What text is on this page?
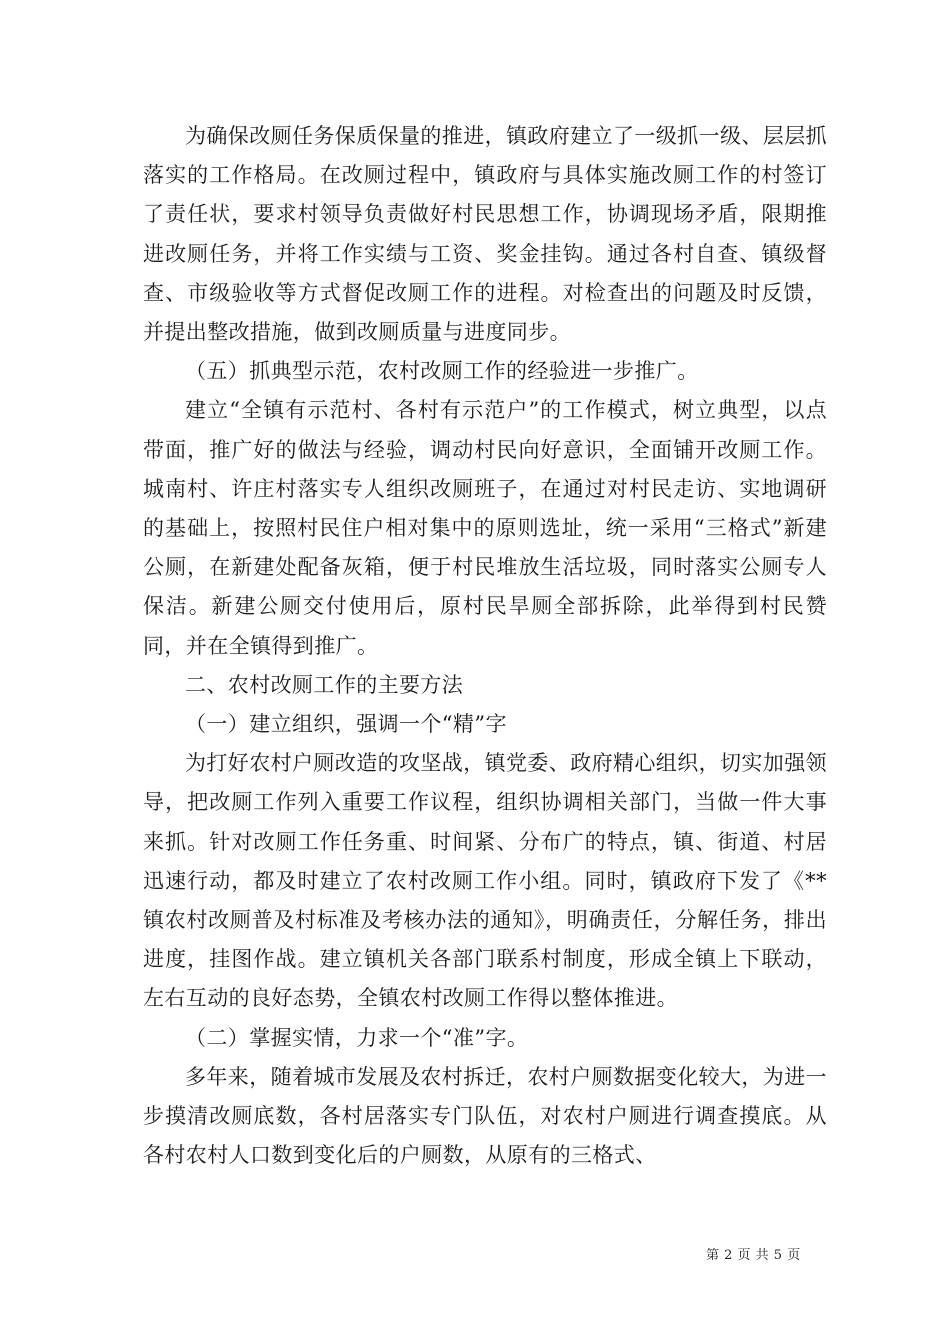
为确保改厕任务保质保量的推进，镇政府建立了一级抓一级、层层抓落实的工作格局。在改厕过程中，镇政府与具体实施改厕工作的村签订了责任状，要求村领导负责做好村民思想工作，协调现场矛盾，限期推进改厕任务，并将工作实绩与工资、奖金挂钩。通过各村自查、镇级督查、市级验收等方式督促改厕工作的进程。对检查出的问题及时反馈，并提出整改措施，做到改厕质量与进度同步。

（五）抓典型示范，农村改厕工作的经验进一步推广。

建立“全镇有示范村、各村有示范户”的工作模式，树立典型，以点带面，推广好的做法与经验，调动村民向好意识，全面铺开改厕工作。城南村、许庄村落实专人组织改厕班子，在通过对村民走访、实地调研的基础上，按照村民住户相对集中的原则选址，统一采用“三格式”新建公厕，在新建处配备灰箱，便于村民堆放生活垃圾，同时落实公厕专人保洁。新建公厕交付使用后，原村民旱厕全部拆除，此举得到村民赞同，并在全镇得到推广。

二、农村改厕工作的主要方法

（一）建立组织，强调一个“精”字

为打好农村户厕改造的攻坚战，镇党委、政府精心组织，切实加强领导，把改厕工作列入重要工作议程，组织协调相关部门，当做一件大事来抓。针对改厕工作任务重、时间紧、分布广的特点，镇、街道、村居迅速行动，都及时建立了农村改厕工作小组。同时，镇政府下发了《**镇农村改厕普及村标准及考核办法的通知》，明确责任，分解任务，排出进度，挂图作战。建立镇机关各部门联系村制度，形成全镇上下联动，左右互动的良好态势，全镇农村改厕工作得以整体推进。

（二）掌握实情，力求一个“准”字。

多年来，随着城市发展及农村拆迁，农村户厕数据变化较大，为进一步摸清改厕底数，各村居落实专门队伍，对农村户厕进行调查摸底。从各村农村人口数到变化后的户厕数，从原有的三格式、

第 2 页 共 5 页
